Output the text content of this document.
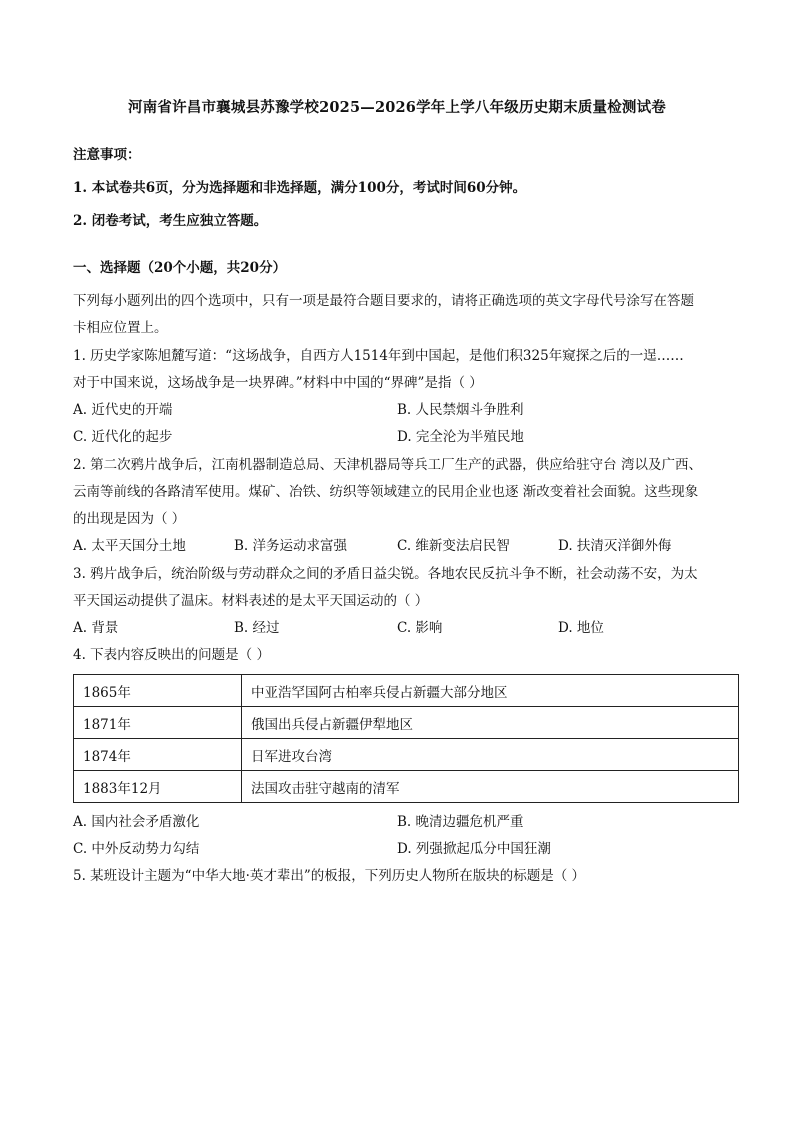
河南省许昌市襄城县苏豫学校2025—2026学年上学八年级历史期末质量检测试卷
注意事项：
1. 本试卷共6页，分为选择题和非选择题，满分100分，考试时间60分钟。
2. 闭卷考试，考生应独立答题。
一、选择题（20个小题，共20分）
下列每小题列出的四个选项中，只有一项是最符合题目要求的，请将正确选项的英文字母代号涂写在答题
卡相应位置上。
1. 历史学家陈旭麓写道：“这场战争，自西方人1514年到中国起，是他们积325年窥探之后的一逞……
对于中国来说，这场战争是一块界碑。”材料中中国的“界碑”是指（ ）
A. 近代史的开端	B. 人民禁烟斗争胜利
C. 近代化的起步	D. 完全沦为半殖民地
2. 第二次鸦片战争后，江南机器制造总局、天津机器局等兵工厂生产的武器，供应给驻守台 湾以及广西、
云南等前线的各路清军使用。煤矿、冶铁、纺织等领域建立的民用企业也逐 渐改变着社会面貌。这些现象
的出现是因为（ ）
A. 太平天国分土地	B. 洋务运动求富强	C. 维新变法启民智	D. 扶清灭洋御外侮
3. 鸦片战争后，统治阶级与劳动群众之间的矛盾日益尖锐。各地农民反抗斗争不断，社会动荡不安，为太
平天国运动提供了温床。材料表述的是太平天国运动的（ ）
A. 背景	B. 经过	C. 影响	D. 地位
4. 下表内容反映出的问题是（ ）
1865年	中亚浩罕国阿古柏率兵侵占新疆大部分地区
1871年	俄国出兵侵占新疆伊犁地区
1874年	日军进攻台湾
1883年12月	法国攻击驻守越南的清军
A. 国内社会矛盾激化	B. 晚清边疆危机严重
C. 中外反动势力勾结	D. 列强掀起瓜分中国狂潮
5. 某班设计主题为“中华大地·英才辈出”的板报，下列历史人物所在版块的标题是（ ）
